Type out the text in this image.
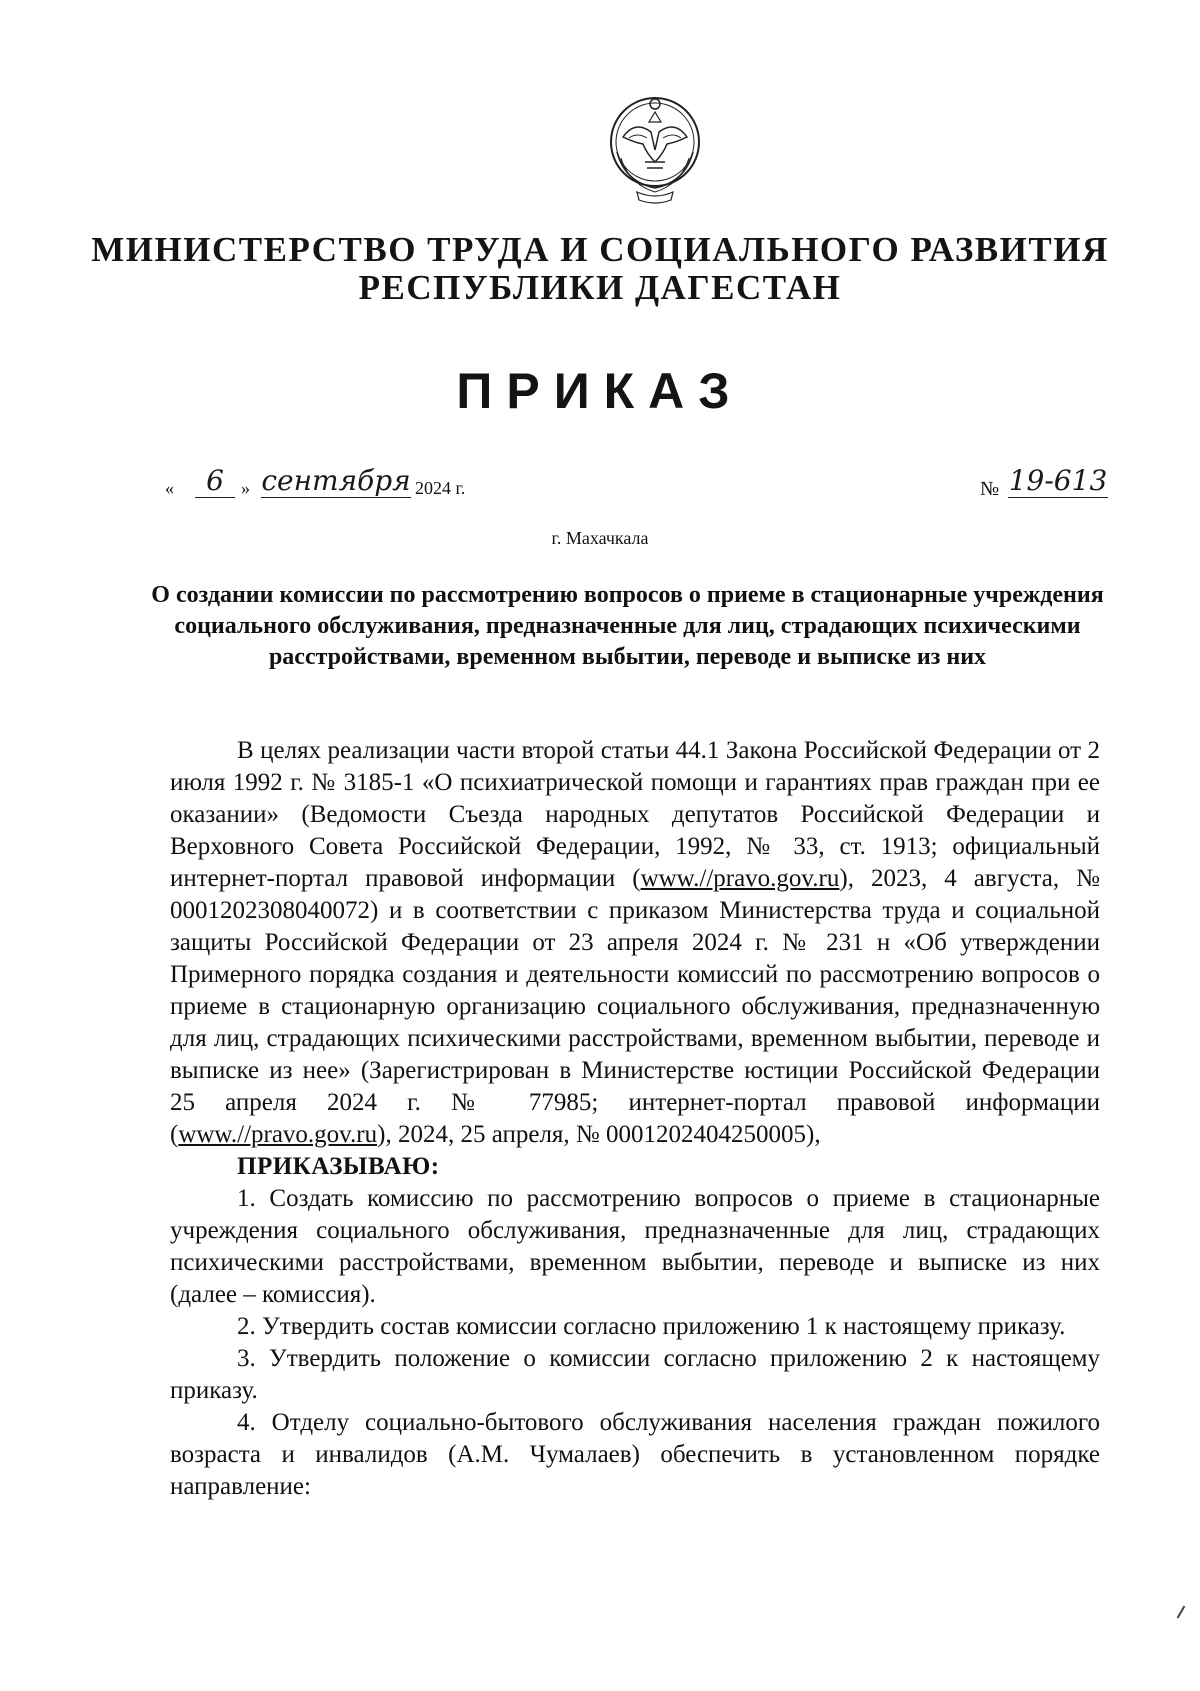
МИНИСТЕРСТВО ТРУДА И СОЦИАЛЬНОГО РАЗВИТИЯ
РЕСПУБЛИКИ ДАГЕСТАН
ПРИКАЗ
«	6 » сентября 2024 г.	№ 19-613
г. Махачкала
О создании комиссии по рассмотрению вопросов о приеме в стационарные учреждения социального обслуживания, предназначенные для лиц, страдающих психическими расстройствами, временном выбытии, переводе и выписке из них

В целях реализации части второй статьи 44.1 Закона Российской Федерации от 2 июля 1992 г. № 3185-1 «О психиатрической помощи и гарантиях прав граждан при ее оказании» (Ведомости Съезда народных депутатов Российской Федерации и Верховного Совета Российской Федерации, 1992, № 33, ст. 1913; официальный интернет-портал правовой информации (www.//pravo.gov.ru), 2023, 4 августа, № 0001202308040072) и в соответствии с приказом Министерства труда и социальной защиты Российской Федерации от 23 апреля 2024 г. № 231 н «Об утверждении Примерного порядка создания и деятельности комиссий по рассмотрению вопросов о приеме в стационарную организацию социального обслуживания, предназначенную для лиц, страдающих психическими расстройствами, временном выбытии, переводе и выписке из нее» (Зарегистрирован в Министерстве юстиции Российской Федерации 25 апреля 2024 г. № 77985; интернет-портал правовой информации (www.//pravo.gov.ru), 2024, 25 апреля, № 0001202404250005),

ПРИКАЗЫВАЮ:

1. Создать комиссию по рассмотрению вопросов о приеме в стационарные учреждения социального обслуживания, предназначенные для лиц, страдающих психическими расстройствами, временном выбытии, переводе и выписке из них (далее – комиссия).

2. Утвердить состав комиссии согласно приложению 1 к настоящему приказу.

3. Утвердить положение о комиссии согласно приложению 2 к настоящему приказу.

4. Отделу социально-бытового обслуживания населения граждан пожилого возраста и инвалидов (А.М. Чумалаев) обеспечить в установленном порядке направление:
